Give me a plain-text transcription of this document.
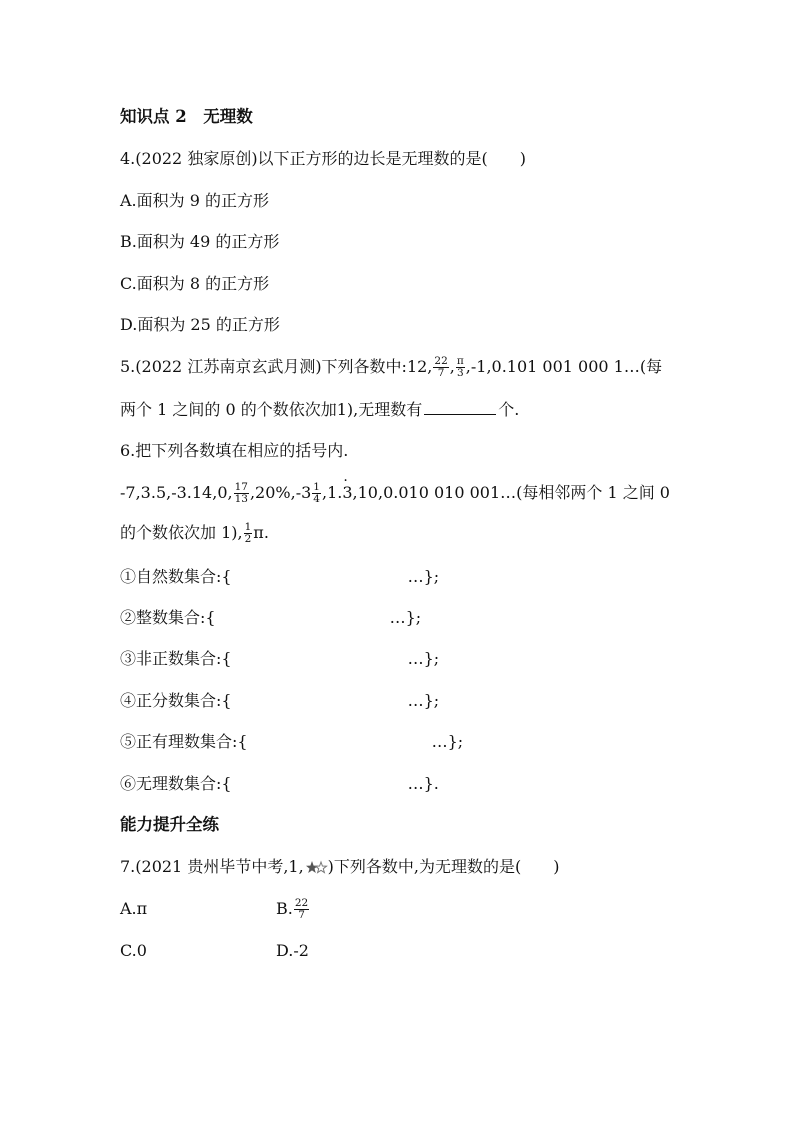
知识点 2　无理数
4.(2022 独家原创)以下正方形的边长是无理数的是(　　)
A.面积为 9 的正方形
B.面积为 49 的正方形
C.面积为 8 的正方形
D.面积为 25 的正方形
5.(2022 江苏南京玄武月测)下列各数中:12, $\frac{22}{7}$ , $\frac{\pi}{3} ,-1,0.101$ 001 000 1…(每
两个 1 之间的 0 的个数依次加1),无理数有	个.
6.把下列各数填在相应的括号内.
-7,3.5,-3.14,0, $\frac{17}{13} ,20\%,-3 \frac{1}{4} ,1.\cdot 3,10,0.010$ 010 001…(每相邻两个 1 之间 0
的个数依次加 1), $\frac{1}{2} \pi$.
①自然数集合:{	…};
②整数集合:{	…};
③非正数集合:{	…};
④正分数集合:{	…};
⑤正有理数集合:{	…};
⑥无理数集合:{	…}.
能力提升全练
7.(2021 贵州毕节中考,1, )下列各数中,为无理数的是(　　)
A.π	B. $\frac{22}{7}$
C.0	D.-2
